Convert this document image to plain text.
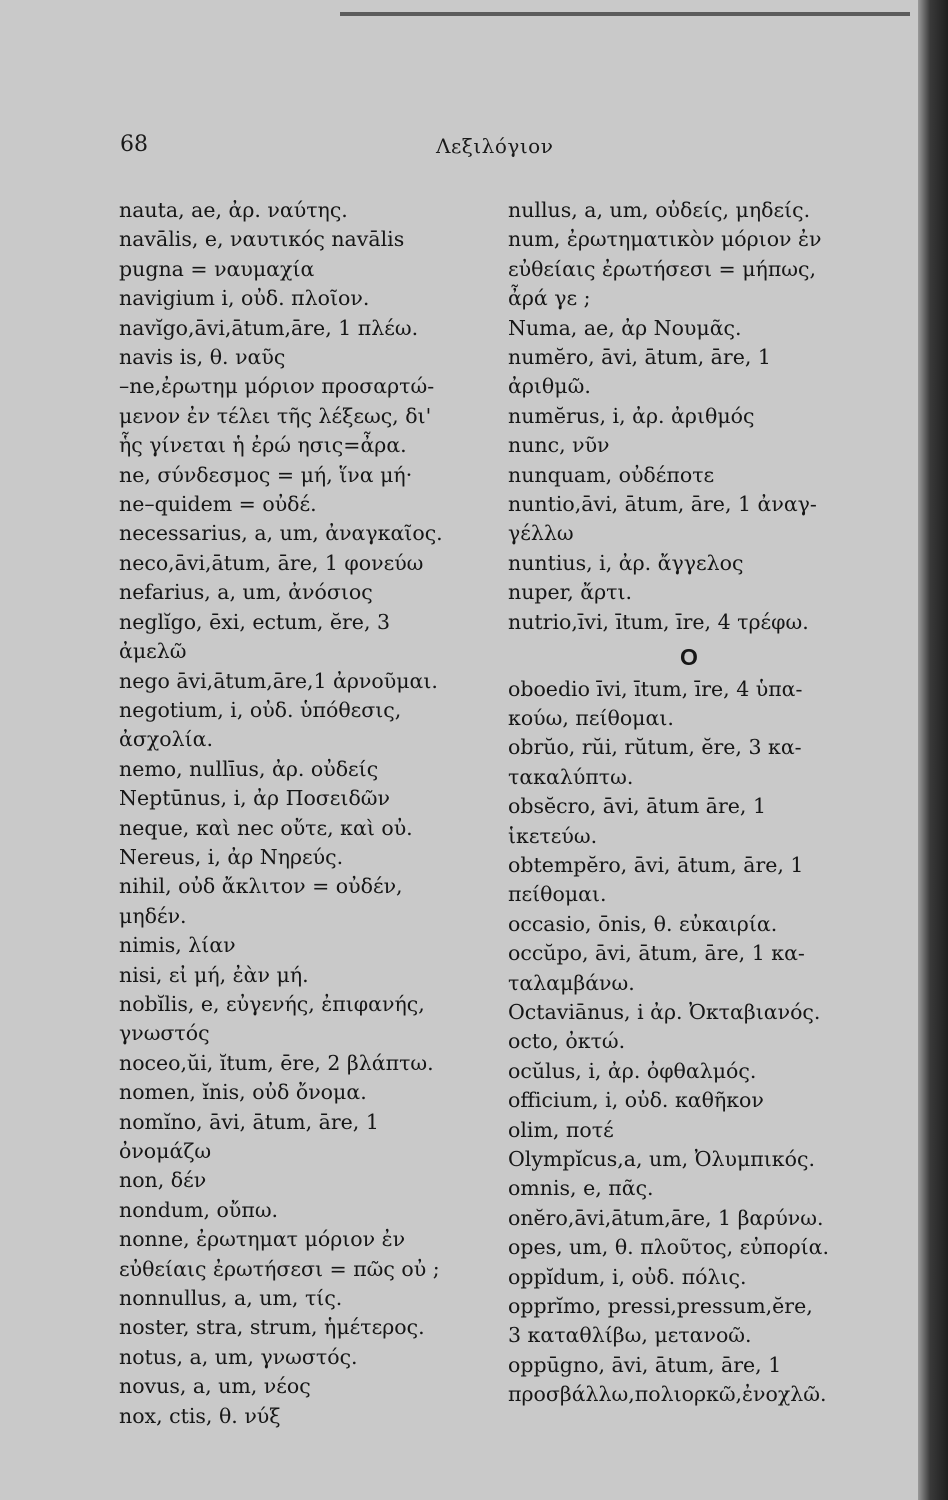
68	Λεξιλόγιον
nauta, ae, ἀρ. ναύτης.
navālis, e, ναυτικός navālis
pugna = ναυμαχία
navigium i, οὐδ. πλοῖον.
navĭgo,āvi,ātum,āre, 1 πλέω.
navis is, θ. ναῦς
–ne,ἐρωτημ μόριον προσαρτώ-
μενον ἐν τέλει τῆς λέξεως, δι'
ἧς γίνεται ἡ ἐρώ ησις=ἆρα.
ne, σύνδεσμος = μή, ἵνα μή·
ne–quidem = οὐδέ.
necessarius, a, um, ἀναγκαῖος.
neco,āvi,ātum, āre, 1 φονεύω
nefarius, a, um, ἀνόσιος
neglĭgo, ēxi, ectum, ĕre, 3
ἀμελῶ
nego āvi,ātum,āre,1 ἀρνοῦμαι.
negotium, i, οὐδ. ὑπόθεσις,
ἀσχολία.
nemo, nullīus, ἀρ. οὐδείς
Neptūnus, i, ἀρ Ποσειδῶν
neque, καὶ nec οὔτε, καὶ οὐ.
Nereus, i, ἀρ Νηρεύς.
nihil, οὐδ ἄκλιτον = οὐδέν,
μηδέν.
nimis, λίαν
nisi, εἰ μή, ἐὰν μή.
nobĭlis, e, εὐγενής, ἐπιφανής,
γνωστός
noceo,ŭi, ĭtum, ēre, 2 βλάπτω.
nomen, ĭnis, οὐδ ὄνομα.
nomĭno, āvi, ātum, āre, 1
ὀνομάζω
non, δέν
nondum, οὔπω.
nonne, ἐρωτηματ μόριον ἐν
εὐθείαις ἐρωτήσεσι = πῶς οὐ ;
nonnullus, a, um, τίς.
noster, stra, strum, ἡμέτερος.
notus, a, um, γνωστός.
novus, a, um, νέος
nox, ctis, θ. νύξ
nullus, a, um, οὐδείς, μηδείς.
num, ἐρωτηματικὸν μόριον ἐν
εὐθείαις ἐρωτήσεσι = μήπως,
ἆρά γε ;
Numa, ae, ἀρ Νουμᾶς.
numĕro, āvi, ātum, āre, 1
ἀριθμῶ.
numĕrus, i, ἀρ. ἀριθμός
nunc, νῦν
nunquam, οὐδέποτε
nuntio,āvi, ātum, āre, 1 ἀναγ-
γέλλω
nuntius, i, ἀρ. ἄγγελος
nuper, ἄρτι.
nutrio,īvi, ītum, īre, 4 τρέφω.
O
oboedio īvi, ītum, īre, 4 ὑπα-
κούω, πείθομαι.
obrŭo, rŭi, rŭtum, ĕre, 3 κα-
τακαλύπτω.
obsĕcro, āvi, ātum āre, 1
ἱκετεύω.
obtempĕro, āvi, ātum, āre, 1
πείθομαι.
occasio, ōnis, θ. εὐκαιρία.
occŭpo, āvi, ātum, āre, 1 κα-
ταλαμβάνω.
Octaviānus, i ἀρ. Ὀκταβιανός.
octo, ὀκτώ.
ocŭlus, i, ἀρ. ὀφθαλμός.
officium, i, οὐδ. καθῆκον
olim, ποτέ
Olympĭcus,a, um, Ὀλυμπικός.
omnis, e, πᾶς.
onĕro,āvi,ātum,āre, 1 βαρύνω.
opes, um, θ. πλοῦτος, εὐπορία.
oppĭdum, i, οὐδ. πόλις.
opprĭmo, pressi,pressum,ĕre,
3 καταθλίβω, μετανοῶ.
oppūgno, āvi, ātum, āre, 1
προσβάλλω,πολιορκῶ,ἐνοχλῶ.
